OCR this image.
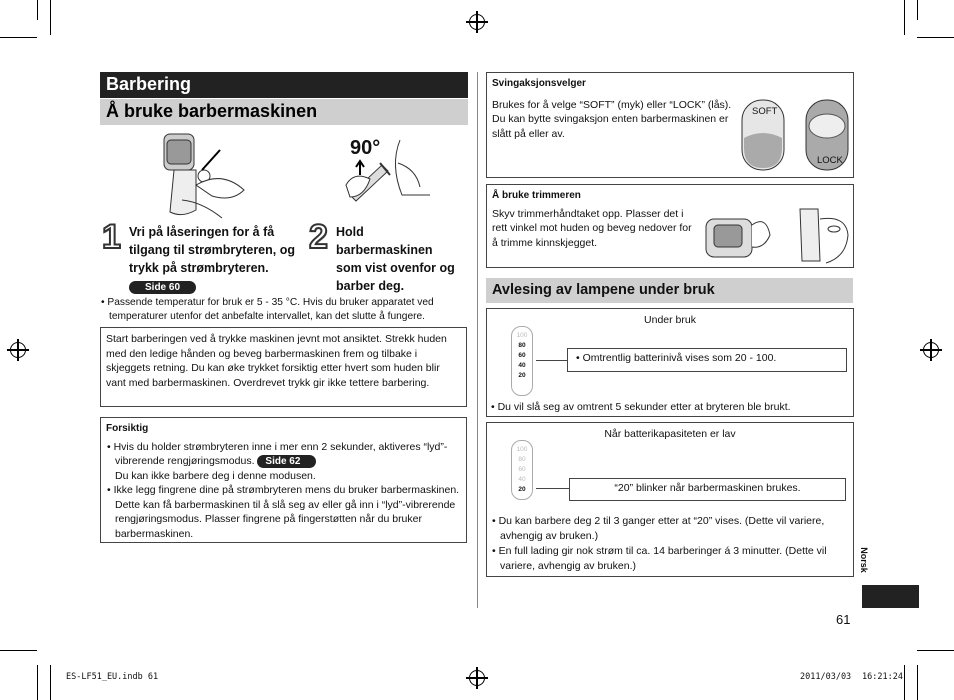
Barbering
Å bruke barbermaskinen
90°
1 Vri på låseringen for å få tilgang til strømbryteren, og trykk på strømbryteren.
Side 60
2 Hold barbermaskinen som vist ovenfor og barber deg.
• Passende temperatur for bruk er 5 - 35 °C. Hvis du bruker apparatet ved temperaturer utenfor det anbefalte intervallet, kan det slutte å fungere.
Start barberingen ved å trykke maskinen jevnt mot ansiktet. Strekk huden med den ledige hånden og beveg barbermaskinen frem og tilbake i skjeggets retning. Du kan øke trykket forsiktig etter hvert som huden blir vant med barbermaskinen. Overdrevet trykk gir ikke tettere barbering.
Forsiktig
• Hvis du holder strømbryteren inne i mer enn 2 sekunder, aktiveres “lyd”-vibrerende rengjøringsmodus. Side 62
Du kan ikke barbere deg i denne modusen.
• Ikke legg fingrene dine på strømbryteren mens du bruker barbermaskinen. Dette kan få barbermaskinen til å slå seg av eller gå inn i “lyd”-vibrerende rengjøringsmodus. Plasser fingrene på fingerstøtten når du bruker barbermaskinen.
Svingaksjonsvelger
Brukes for å velge “SOFT” (myk) eller “LOCK” (lås).
Du kan bytte svingaksjon enten barbermaskinen er slått på eller av.
SOFT
LOCK
Å bruke trimmeren
Skyv trimmerhåndtaket opp. Plasser det i rett vinkel mot huden og beveg nedover for å trimme kinnskjegget.
Avlesing av lampene under bruk
Under bruk
• Du vil slå seg av omtrent 5 sekunder etter at bryteren ble brukt.
100
80
60
40
20
• Omtrentlig batterinivå vises som 20 - 100.
Når batterikapasiteten er lav
• Du kan barbere deg 2 til 3 ganger etter at “20” vises. (Dette vil variere, avhengig av bruken.)
• En full lading gir nok strøm til ca. 14 barberinger á 3 minutter. (Dette vil variere, avhengig av bruken.)
100
80
60
40
20	“20” blinker når barbermaskinen brukes.
Norsk
61
ES-LF51_EU.indb 61	2011/03/03 16:21:24
